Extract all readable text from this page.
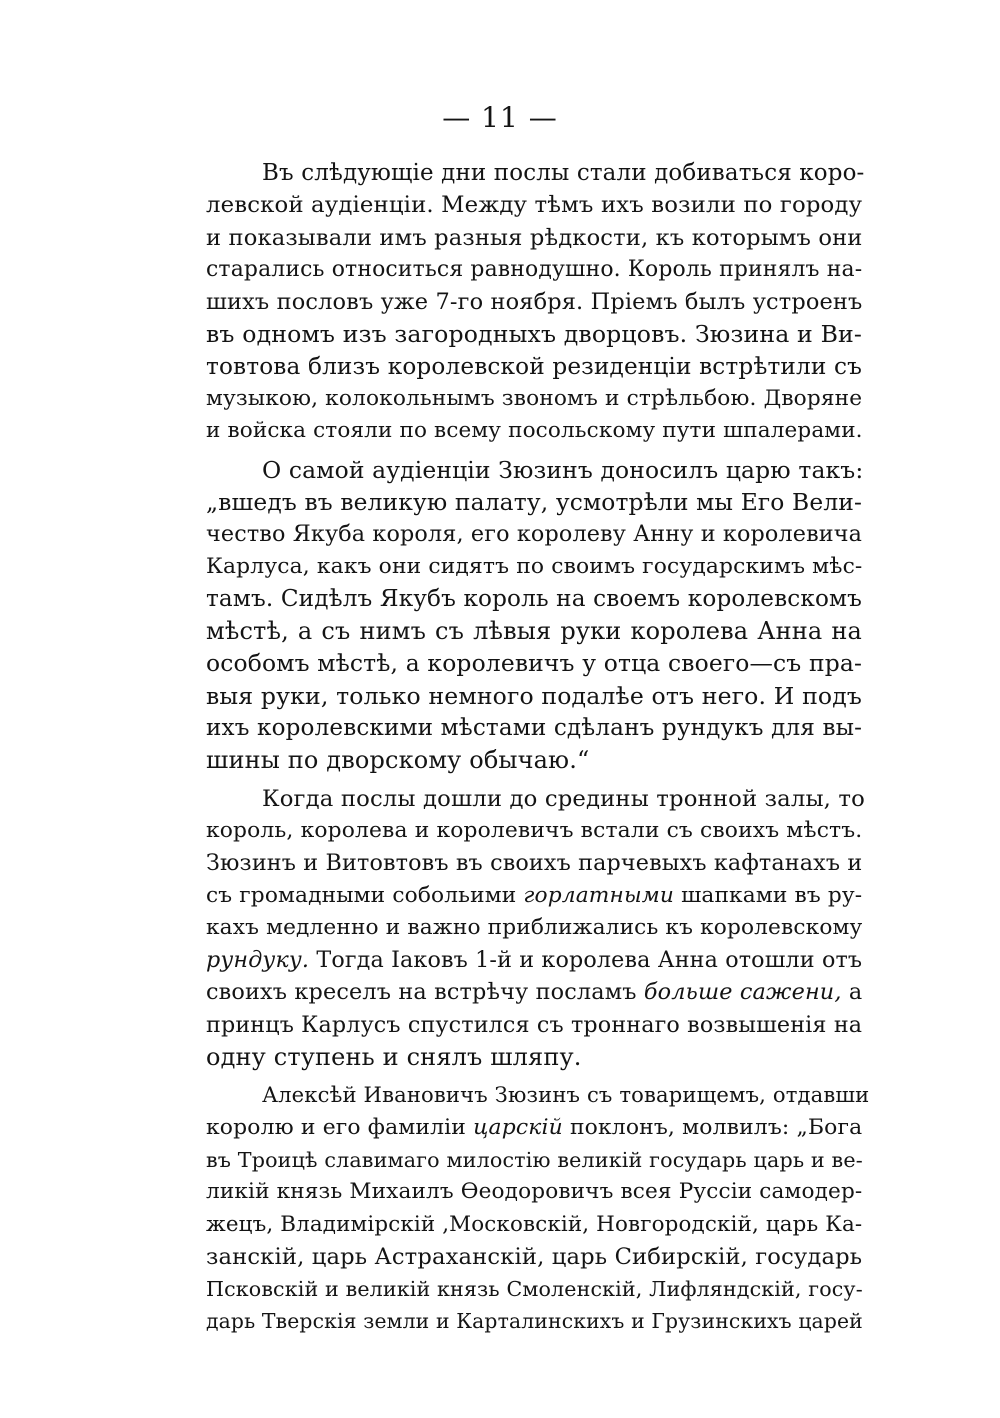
— 11 —
Въ слѣдующіе дни послы стали добиваться коро-
левской аудіенціи. Между тѣмъ ихъ возили по городу
и показывали имъ разныя рѣдкости, къ которымъ они
старались относиться равнодушно. Король принялъ на-
шихъ пословъ уже 7-го ноября. Пріемъ былъ устроенъ
въ одномъ изъ загородныхъ дворцовъ. Зюзина и Ви-
товтова близъ королевской резиденціи встрѣтили съ
музыкою, колокольнымъ звономъ и стрѣльбою. Дворяне
и войска стояли по всему посольскому пути шпалерами.
О самой аудіенціи Зюзинъ доносилъ царю такъ:
„вшедъ въ великую палату, усмотрѣли мы Его Вели-
чество Якуба короля, его королеву Анну и королевича
Карлуса, какъ они сидятъ по своимъ государскимъ мѣс-
тамъ. Сидѣлъ Якубъ король на своемъ королевскомъ
мѣстѣ, а съ нимъ съ лѣвыя руки королева Анна на
особомъ мѣстѣ, а королевичъ у отца своего—съ пра-
выя руки, только немного подалѣе отъ него. И подъ
ихъ королевскими мѣстами сдѣланъ рундукъ для вы-
шины по дворскому обычаю.“
Когда послы дошли до средины тронной залы, то
король, королева и королевичъ встали съ своихъ мѣстъ.
Зюзинъ и Витовтовъ въ своихъ парчевыхъ кафтанахъ и
съ громадными собольими горлатными шапками въ ру-
кахъ медленно и важно приближались къ королевскому
рундуку. Тогда Іаковъ 1-й и королева Анна отошли отъ
своихъ креселъ на встрѣчу посламъ больше сажени, а
принцъ Карлусъ спустился съ троннаго возвышенія на
одну ступень и снялъ шляпу.
Алексѣй Ивановичъ Зюзинъ съ товарищемъ, отдавши
королю и его фамиліи царскій поклонъ, молвилъ: „Бога
въ Троицѣ славимаго милостію великій государь царь и ве-
ликій князь Михаилъ Ѳеодоровичъ всея Руссіи самодер-
жецъ, Владимірскій ,Московскій, Новгородскій, царь Ка-
занскій, царь Астраханскій, царь Сибирскій, государь
Псковскій и великій князь Смоленскій, Лифляндскій, госу-
дарь Тверскія земли и Карталинскихъ и Грузинскихъ царей
